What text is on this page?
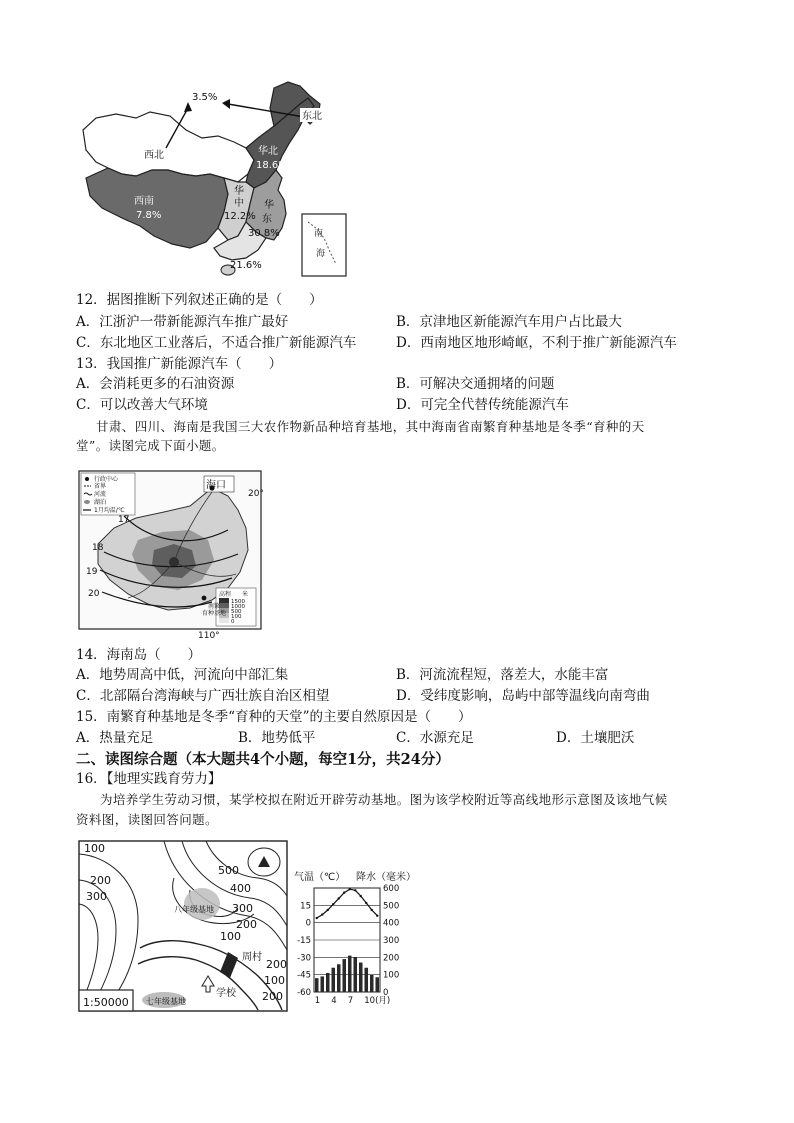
南
海
3.5%
东北
西北	华北
18.6%
西南
7.8%
华
中
12.2%
华
东
30.8%
21.6%
12．据图推断下列叙述正确的是（　　）
A．江浙沪一带新能源汽车推广最好	B．京津地区新能源汽车用户占比最大
C．东北地区工业落后，不适合推广新能源汽车	D．西南地区地形崎岖，不利于推广新能源汽车
13．我国推广新能源汽车（　　）
A．会消耗更多的石油资源	B．可解决交通拥堵的问题
C．可以改善大气环境	D．可完全代替传统能源汽车
甘肃、四川、海南是我国三大农作物新品种培育基地，其中海南省南繁育种基地是冬季“育种的天
堂”。读图完成下面小题。
海口
行政中心
省界
河流
湖泊
1月均温/℃
高程 米
1500
1000
500
100
0
17
18
19
20
南繁
育种基地
20°
110°
14．海南岛（　　）
A．地势周高中低，河流向中部汇集	B．河流流程短，落差大，水能丰富
C．北部隔台湾海峡与广西壮族自治区相望	D．受纬度影响，岛屿中部等温线向南弯曲
15．南繁育种基地是冬季“育种的天堂”的主要自然原因是（　　）
A．热量充足	B．地势低平	C．水源充足	D．土壤肥沃
二、读图综合题（本大题共4个小题，每空1分，共24分）
16．【地理实践育劳力】
为培养学生劳动习惯，某学校拟在附近开辟劳动基地。图为该学校附近等高线地形示意图及该地气候
资料图，读图回答问题。
100
200
300
500
400
300
200
100
200
200
100
八年级基地
周村
学校
七年级基地
1:50000
气温（℃） 降水（毫米）
15
0
-15
-30
-45
-60
600
500
400
300
200
100
0
1 4 7 10(月)
